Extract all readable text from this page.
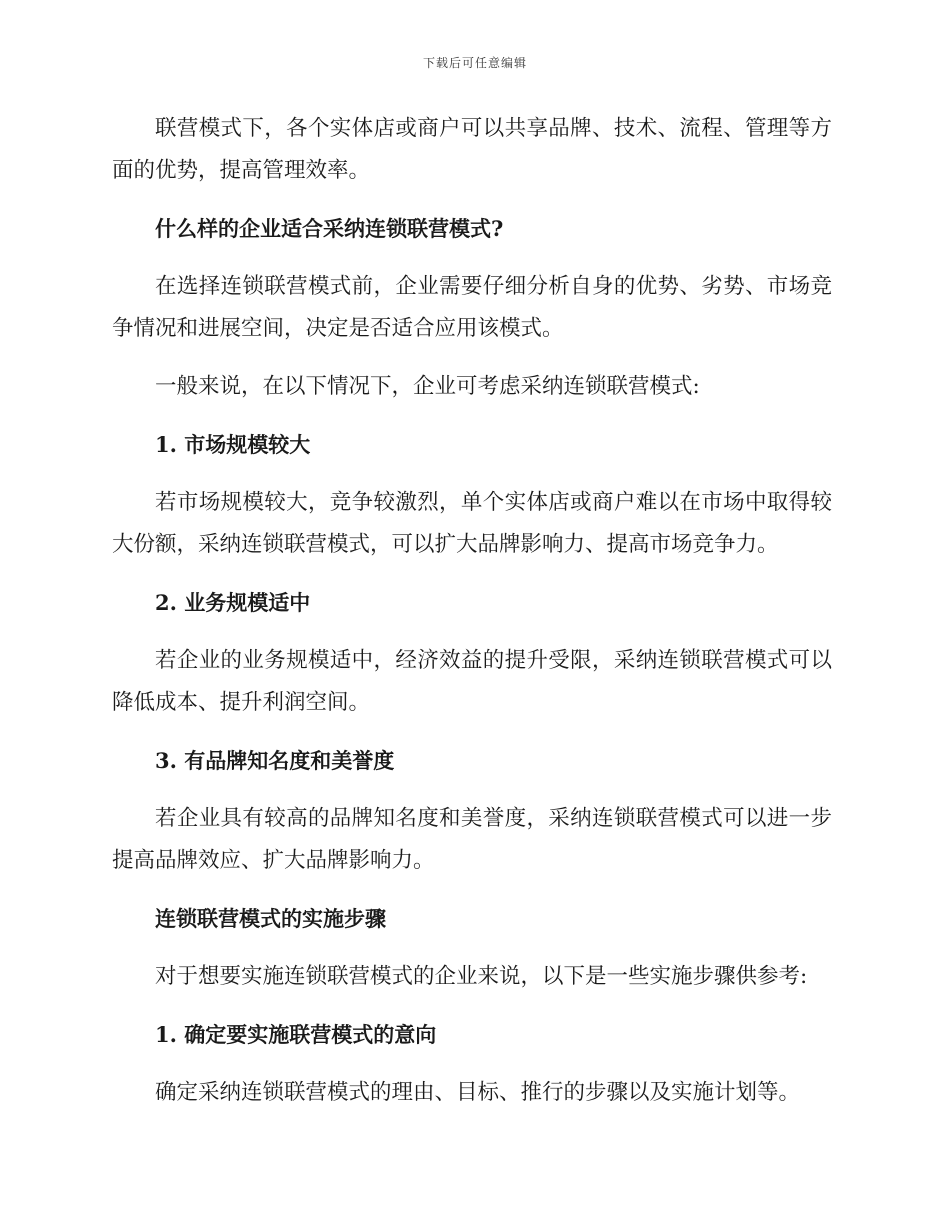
下载后可任意编辑

联营模式下，各个实体店或商户可以共享品牌、技术、流程、管理等方面的优势，提高管理效率。

什么样的企业适合采纳连锁联营模式?

在选择连锁联营模式前，企业需要仔细分析自身的优势、劣势、市场竞争情况和进展空间，决定是否适合应用该模式。

一般来说，在以下情况下，企业可考虑采纳连锁联营模式:

1. 市场规模较大

若市场规模较大，竞争较激烈，单个实体店或商户难以在市场中取得较大份额，采纳连锁联营模式，可以扩大品牌影响力、提高市场竞争力。

2. 业务规模适中

若企业的业务规模适中，经济效益的提升受限，采纳连锁联营模式可以降低成本、提升利润空间。

3. 有品牌知名度和美誉度

若企业具有较高的品牌知名度和美誉度，采纳连锁联营模式可以进一步提高品牌效应、扩大品牌影响力。

连锁联营模式的实施步骤

对于想要实施连锁联营模式的企业来说，以下是一些实施步骤供参考:

1. 确定要实施联营模式的意向

确定采纳连锁联营模式的理由、目标、推行的步骤以及实施计划等。
